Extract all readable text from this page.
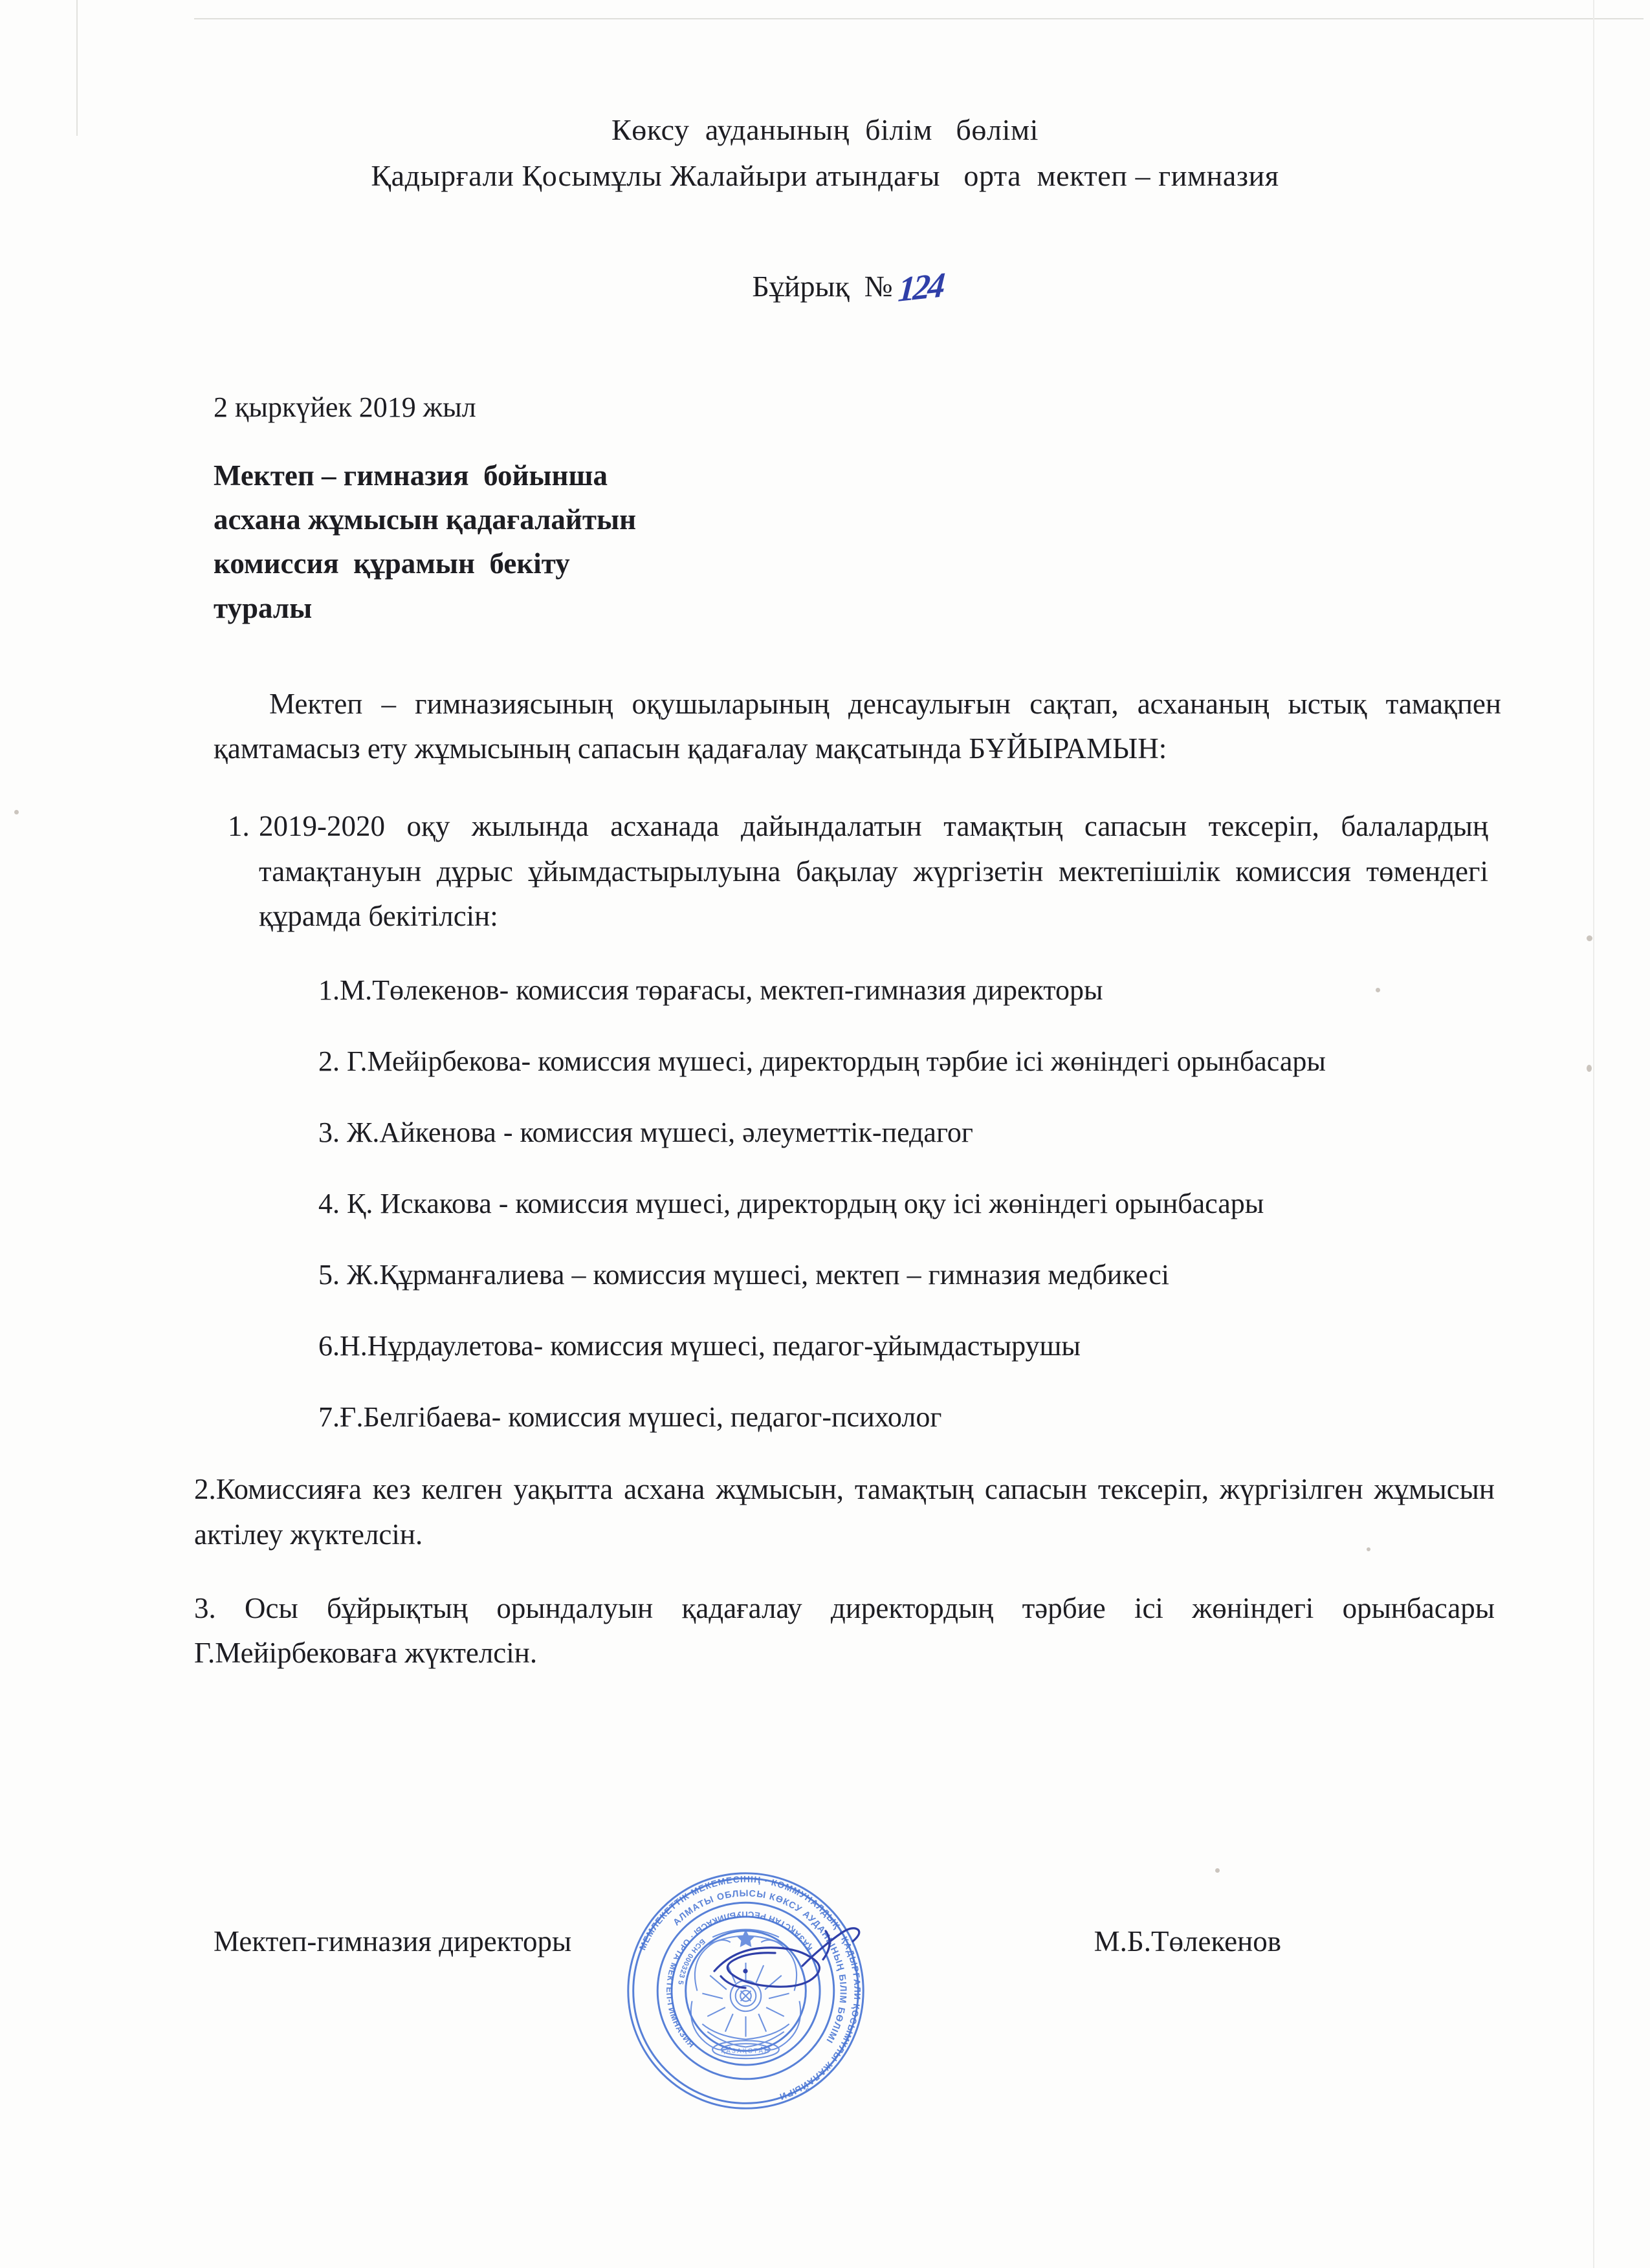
Көксу  ауданының  білім   бөлімі
Қадырғали Қосымұлы Жалайыри атындағы   орта  мектеп – гимназия

Бұйрық  № 124

2 қыркүйек 2019 жыл
Мектеп – гимназия  бойынша
асхана жұмысын қадағалайтын
комиссия  құрамын  бекіту
туралы
Мектеп – гимназиясының оқушыларының денсаулығын сақтап, асхананың ыстық тамақпен қамтамасыз ету жұмысының сапасын қадағалау мақсатында БҰЙЫРАМЫН:
1. 2019-2020 оқу жылында асханада дайындалатын тамақтың сапасын тексеріп, балалардың тамақтануын дұрыс ұйымдастырылуына бақылау жүргізетін мектепішілік комиссия төмендегі құрамда бекітілсін:
1.М.Төлекенов- комиссия төрағасы, мектеп-гимназия директоры
2. Г.Мейірбекова- комиссия мүшесі, директордың тәрбие ісі жөніндегі орынбасары
3. Ж.Айкенова - комиссия мүшесі, әлеуметтік-педагог
4. Қ. Искакова - комиссия мүшесі, директордың оқу ісі жөніндегі орынбасары
5. Ж.Құрманғалиева – комиссия мүшесі, мектеп – гимназия медбикесі
6.Н.Нұрдаулетова- комиссия мүшесі, педагог-ұйымдастырушы
7.Ғ.Белгібаева- комиссия мүшесі, педагог-психолог
2.Комиссияға кез келген уақытта асхана жұмысын, тамақтың сапасын тексеріп, жүргізілген жұмысын актілеу жүктелсін.
3. Осы бұйрықтың орындалуын қадағалау директордың тәрбие ісі жөніндегі орынбасары Г.Мейірбековаға жүктелсін.
Мектеп-гимназия директоры	М.Б.Төлекенов
МЕМЛЕКЕТТІК МЕКЕМЕСІНІҢ · КОММУНАЛДЫҚ · ҚАДЫРҒАЛИ ҚОСЫМҰЛЫ ЖАЛАЙЫРИ
АЛМАТЫ ОБЛЫСЫ КӨКСУ АУДАНЫНЫҢ БІЛІМ БӨЛІМІ
ҚАЗАҚСТАН РЕСПУБЛИКАСЫ · ОРТА МЕКТЕП-ГИМНАЗИЯ
БСН 000323 5
ҚАЗАҚСТАН
